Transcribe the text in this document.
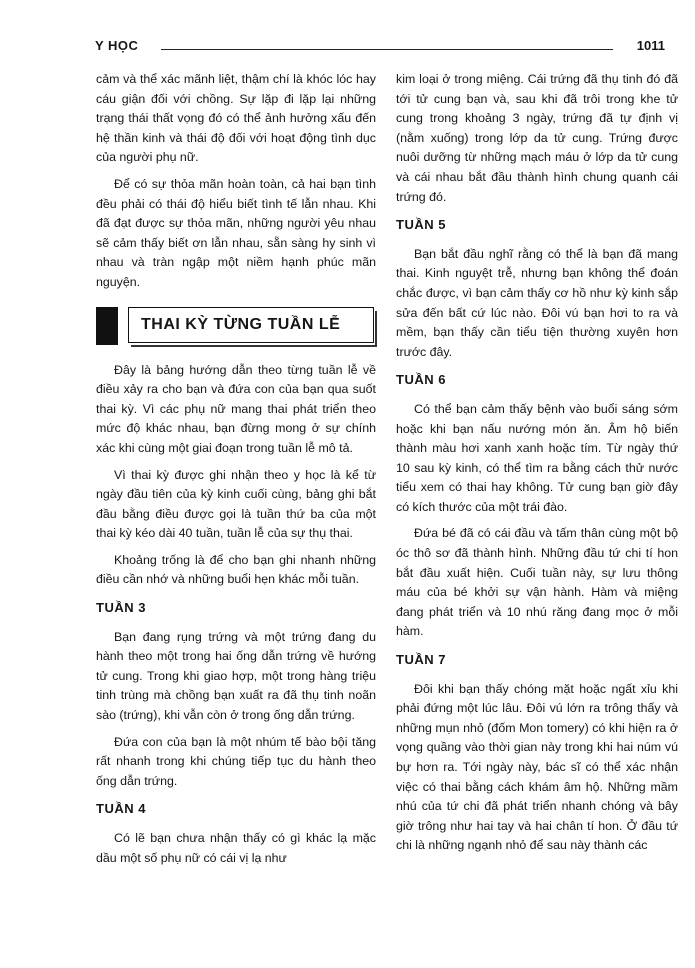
Y HỌC	1011

cảm và thể xác mãnh liệt, thậm chí là khóc lóc hay cáu giận đối với chồng. Sự lặp đi lặp lại những trạng thái thất vọng đó có thể ảnh hưởng xấu đến hệ thần kinh và thái độ đối với hoạt động tình dục của người phụ nữ.

Để có sự thỏa mãn hoàn toàn, cả hai bạn tình đều phải có thái độ hiểu biết tình tế lẫn nhau. Khi đã đạt được sự thỏa mãn, những người yêu nhau sẽ cảm thấy biết ơn lẫn nhau, sẵn sàng hy sinh vì nhau và tràn ngập một niềm hạnh phúc mãn nguyện.

THAI KỲ TỪNG TUẦN LỄ

Đây là bảng hướng dẫn theo từng tuần lễ về điều xảy ra cho bạn và đứa con của bạn qua suốt thai kỳ. Vì các phụ nữ mang thai phát triển theo mức độ khác nhau, bạn đừng mong ở sự chính xác khi cùng một giai đoạn trong tuần lễ mô tả.

Vì thai kỳ được ghi nhận theo y học là kể từ ngày đầu tiên của kỳ kinh cuối cùng, bảng ghi bắt đầu bằng điều được gọi là tuần thứ ba của một thai kỳ kéo dài 40 tuần, tuần lễ của sự thụ thai.

Khoảng trống là để cho bạn ghi nhanh những điều cần nhớ và những buổi hẹn khác mỗi tuần.

TUẦN 3

Bạn đang rụng trứng và một trứng đang du hành theo một trong hai ống dẫn trứng về hướng tử cung. Trong khi giao hợp, một trong hàng triệu tinh trùng mà chồng bạn xuất ra đã thụ tinh noãn sào (trứng), khi vẫn còn ở trong ống dẫn trứng.

Đứa con của bạn là một nhúm tế bào bội tăng rất nhanh trong khi chúng tiếp tục du hành theo ống dẫn trứng.

TUẦN 4

Có lẽ bạn chưa nhận thấy có gì khác lạ mặc dầu một số phụ nữ có cái vị lạ như

kim loại ở trong miệng. Cái trứng đã thụ tinh đó đã tới tử cung bạn và, sau khi đã trôi trong khe tử cung trong khoảng 3 ngày, trứng đã tự định vị (nằm xuống) trong lớp da tử cung. Trứng được nuôi dưỡng từ những mạch máu ở lớp da tử cung và cái nhau bắt đầu thành hình chung quanh cái trứng đó.

TUẦN 5

Bạn bắt đầu nghĩ rằng có thể là bạn đã mang thai. Kinh nguyệt trễ, nhưng bạn không thể đoán chắc được, vì bạn cảm thấy cơ hồ như kỳ kinh sắp sửa đến bất cứ lúc nào. Đôi vú bạn hơi to ra và mềm, bạn thấy cần tiểu tiện thường xuyên hơn trước đây.

TUẦN 6

Có thể bạn cảm thấy bệnh vào buổi sáng sớm hoặc khi bạn nấu nướng món ăn. Âm hộ biến thành màu hơi xanh xanh hoặc tím. Từ ngày thứ 10 sau kỳ kinh, có thể tìm ra bằng cách thử nước tiểu xem có thai hay không. Tử cung bạn giờ đây có kích thước của một trái đào.

Đứa bé đã có cái đầu và tấm thân cùng một bộ óc thô sơ đã thành hình. Những đầu tứ chi tí hon bắt đầu xuất hiện. Cuối tuần này, sự lưu thông máu của bé khởi sự vận hành. Hàm và miệng đang phát triển và 10 nhú răng đang mọc ở mỗi hàm.

TUẦN 7

Đôi khi bạn thấy chóng mặt hoặc ngất xỉu khi phải đứng một lúc lâu. Đôi vú lớn ra trông thấy và những mụn nhỏ (đốm Mon tomery) có khi hiện ra ở vọng quầng vào thời gian này trong khi hai núm vú bự hơn ra. Tới ngày này, bác sĩ có thể xác nhận việc có thai bằng cách khám âm hộ. Những mầm nhú của tứ chi đã phát triển nhanh chóng và bây giờ trông như hai tay và hai chân tí hon. Ở đầu tứ chi là những ngạnh nhỏ để sau này thành các
